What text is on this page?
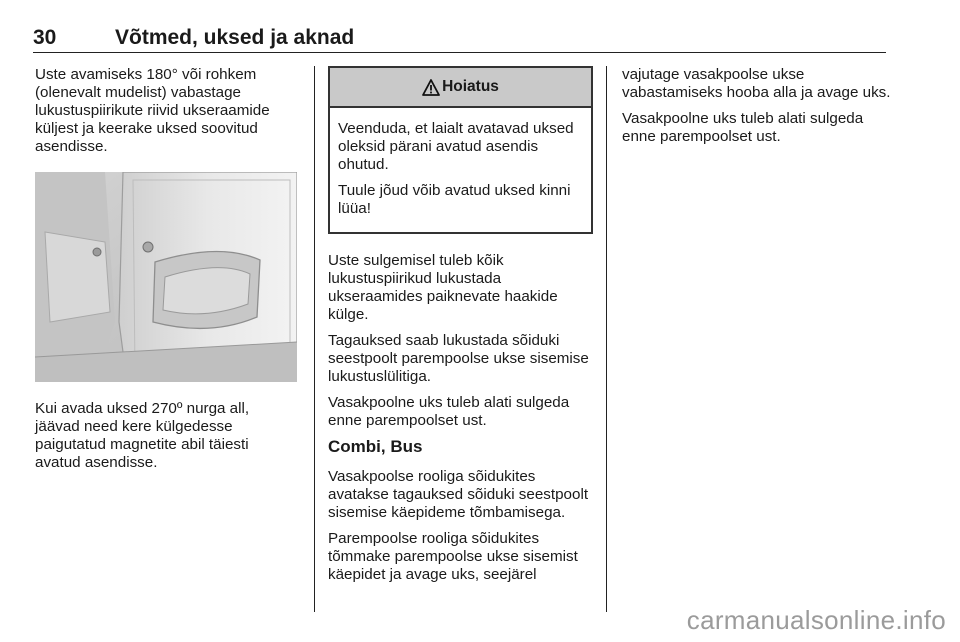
30	Võtmed, uksed ja aknad

Uste avamiseks 180° või rohkem (olenevalt mudelist) vabastage lukustuspiirikute riivid ukseraamide küljest ja keerake uksed soovitud asendisse.

Kui avada uksed 270º nurga all, jäävad need kere külgedesse paigutatud magnetite abil täiesti avatud asendisse.

Hoiatus

Veenduda, et laialt avatavad uksed oleksid pärani avatud asendis ohutud.

Tuule jõud võib avatud uksed kinni lüüa!

Uste sulgemisel tuleb kõik lukustuspiirikud lukustada ukseraamides paiknevate haakide külge.

Tagauksed saab lukustada sõiduki seestpoolt parempoolse ukse sisemise lukustuslülitiga.

Vasakpoolne uks tuleb alati sulgeda enne parempoolset ust.

Combi, Bus

Vasakpoolse rooliga sõidukites avatakse tagauksed sõiduki seestpoolt sisemise käepideme tõmbamisega.

Parempoolse rooliga sõidukites tõmmake parempoolse ukse sisemist käepidet ja avage uks, seejärel

vajutage vasakpoolse ukse vabastamiseks hooba alla ja avage uks.

Vasakpoolne uks tuleb alati sulgeda enne parempoolset ust.

carmanualsonline.info
